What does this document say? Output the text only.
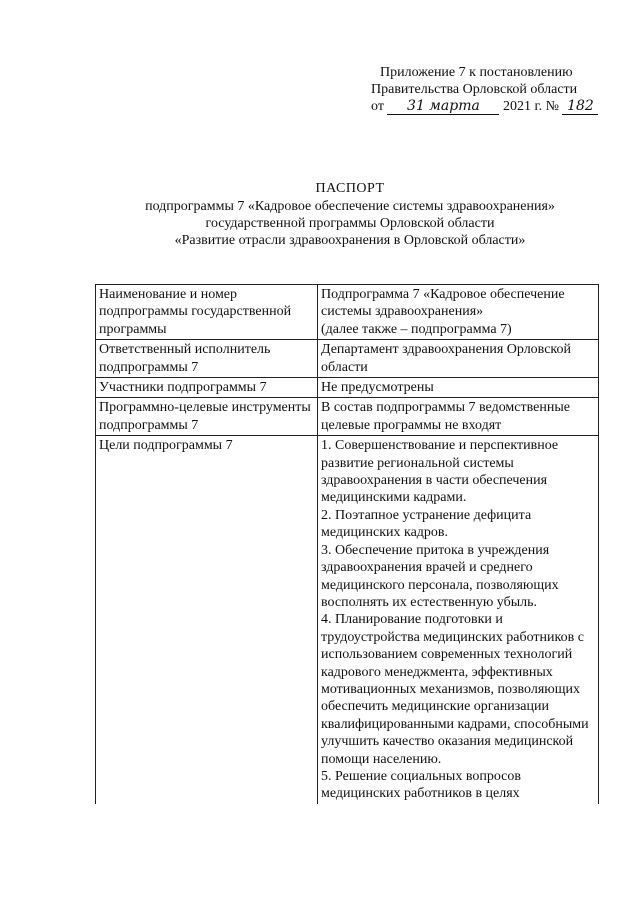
Приложение 7 к постановлению
Правительства Орловской области
от 31 марта 2021 г. № 182
ПАСПОРТ
подпрограммы 7 «Кадровое обеспечение системы здравоохранения»
государственной программы Орловской области
«Развитие отрасли здравоохранения в Орловской области»
Наименование и номер подпрограммы государственной программы	Подпрограмма 7 «Кадровое обеспечение системы здравоохранения»
(далее также – подпрограмма 7)

Ответственный исполнитель подпрограммы 7	Департамент здравоохранения Орловской области

Участники подпрограммы 7	Не предусмотрены

Программно-целевые инструменты подпрограммы 7	В состав подпрограммы 7 ведомственные целевые программы не входят

Цели подпрограммы 7	1. Совершенствование и перспективное развитие региональной системы здравоохранения в части обеспечения медицинскими кадрами.
2. Поэтапное устранение дефицита медицинских кадров.
3. Обеспечение притока в учреждения здравоохранения врачей и среднего медицинского персонала, позволяющих восполнять их естественную убыль.
4. Планирование подготовки и трудоустройства медицинских работников с использованием современных технологий кадрового менеджмента, эффективных мотивационных механизмов, позволяющих обеспечить медицинские организации квалифицированными кадрами, способными улучшить качество оказания медицинской помощи населению.
5. Решение социальных вопросов медицинских работников в целях
